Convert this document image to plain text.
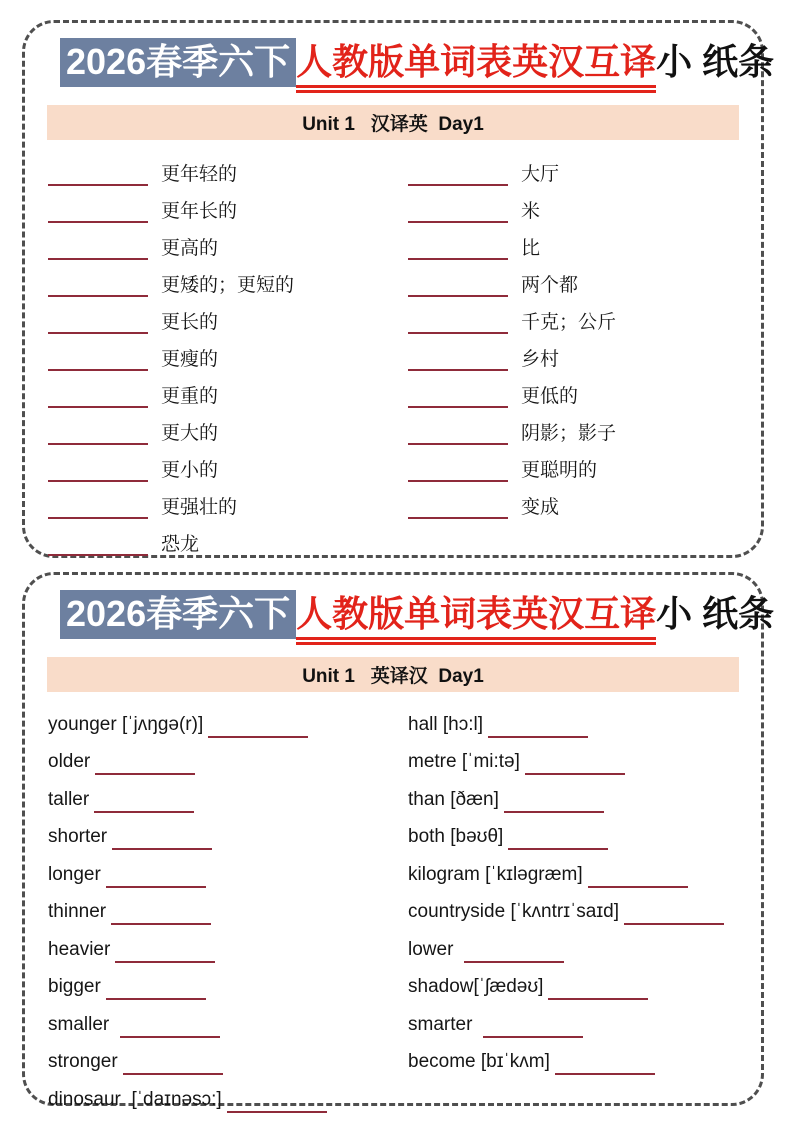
2026春季六下 人教版单词表英汉互译小 纸条
Unit 1   汉译英  Day1
更年轻的
更年长的
更高的
更矮的；更短的
更长的
更瘦的
更重的
更大的
更小的
更强壮的
恐龙
大厅
米
比
两个都
千克；公斤
乡村
更低的
阴影；影子
更聪明的
变成
2026春季六下 人教版单词表英汉互译小 纸条
Unit 1   英译汉  Day1
younger [ˈjʌŋgə(r)]
older
taller
shorter
longer
thinner
heavier
bigger
smaller
stronger
dinosaur  [ˈdaɪnəsɔ:]
hall [hɔ:l]
metre [ˈmi:tə]
than [ðæn]
both [bəʊθ]
kilogram [ˈkɪləgræm]
countryside [ˈkʌntrɪˈsaɪd]
lower
shadow[ˈʃædəʊ]
smarter
become [bɪˈkʌm]
